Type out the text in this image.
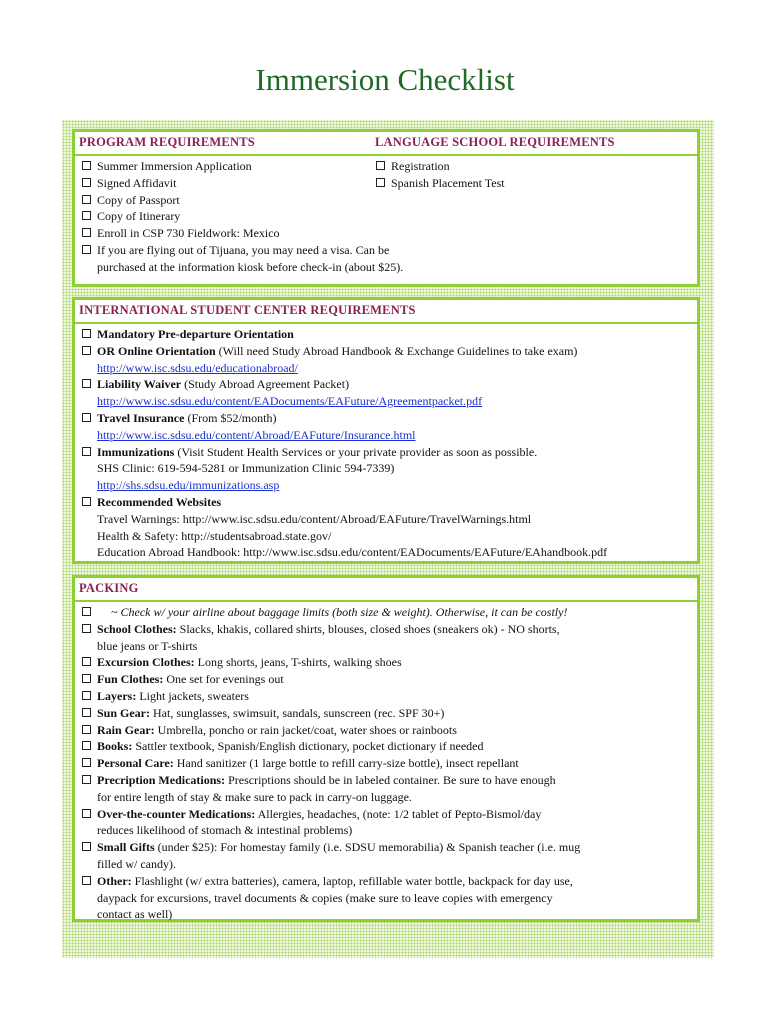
Immersion Checklist
PROGRAM REQUIREMENTS	LANGUAGE SCHOOL REQUIREMENTS
Summer Immersion Application
Signed Affidavit
Copy of Passport
Copy of Itinerary
Enroll in CSP 730 Fieldwork: Mexico
If you are flying out of Tijuana, you may need a visa. Can be
purchased at the information kiosk before check-in (about $25).
Registration
Spanish Placement Test
INTERNATIONAL STUDENT CENTER REQUIREMENTS
Mandatory Pre-departure Orientation
OR Online Orientation (Will need Study Abroad Handbook & Exchange Guidelines to take exam)
http://www.isc.sdsu.edu/educationabroad/
Liability Waiver (Study Abroad Agreement Packet)
http://www.isc.sdsu.edu/content/EADocuments/EAFuture/Agreementpacket.pdf
Travel Insurance (From $52/month)
http://www.isc.sdsu.edu/content/Abroad/EAFuture/Insurance.html
Immunizations (Visit Student Health Services or your private provider as soon as possible.
SHS Clinic: 619-594-5281 or Immunization Clinic 594-7339)
http://shs.sdsu.edu/immunizations.asp
Recommended Websites
Travel Warnings: http://www.isc.sdsu.edu/content/Abroad/EAFuture/TravelWarnings.html
Health & Safety: http://studentsabroad.state.gov/
Education Abroad Handbook: http://www.isc.sdsu.edu/content/EADocuments/EAFuture/EAhandbook.pdf
PACKING
~ Check w/ your airline about baggage limits (both size & weight). Otherwise, it can be costly!
School Clothes: Slacks, khakis, collared shirts, blouses, closed shoes (sneakers ok) - NO shorts,
blue jeans or T-shirts
Excursion Clothes: Long shorts, jeans, T-shirts, walking shoes
Fun Clothes: One set for evenings out
Layers: Light jackets, sweaters
Sun Gear: Hat, sunglasses, swimsuit, sandals, sunscreen (rec. SPF 30+)
Rain Gear: Umbrella, poncho or rain jacket/coat, water shoes or rainboots
Books: Sattler textbook, Spanish/English dictionary, pocket dictionary if needed
Personal Care: Hand sanitizer (1 large bottle to refill carry-size bottle), insect repellant
Precription Medications: Prescriptions should be in labeled container. Be sure to have enough
for entire length of stay & make sure to pack in carry-on luggage.
Over-the-counter Medications: Allergies, headaches, (note: 1/2 tablet of Pepto-Bismol/day
reduces likelihood of stomach & intestinal problems)
Small Gifts (under $25): For homestay family (i.e. SDSU memorabilia) & Spanish teacher (i.e. mug
filled w/ candy).
Other: Flashlight (w/ extra batteries), camera, laptop, refillable water bottle, backpack for day use,
daypack for excursions, travel documents & copies (make sure to leave copies with emergency
contact as well)
